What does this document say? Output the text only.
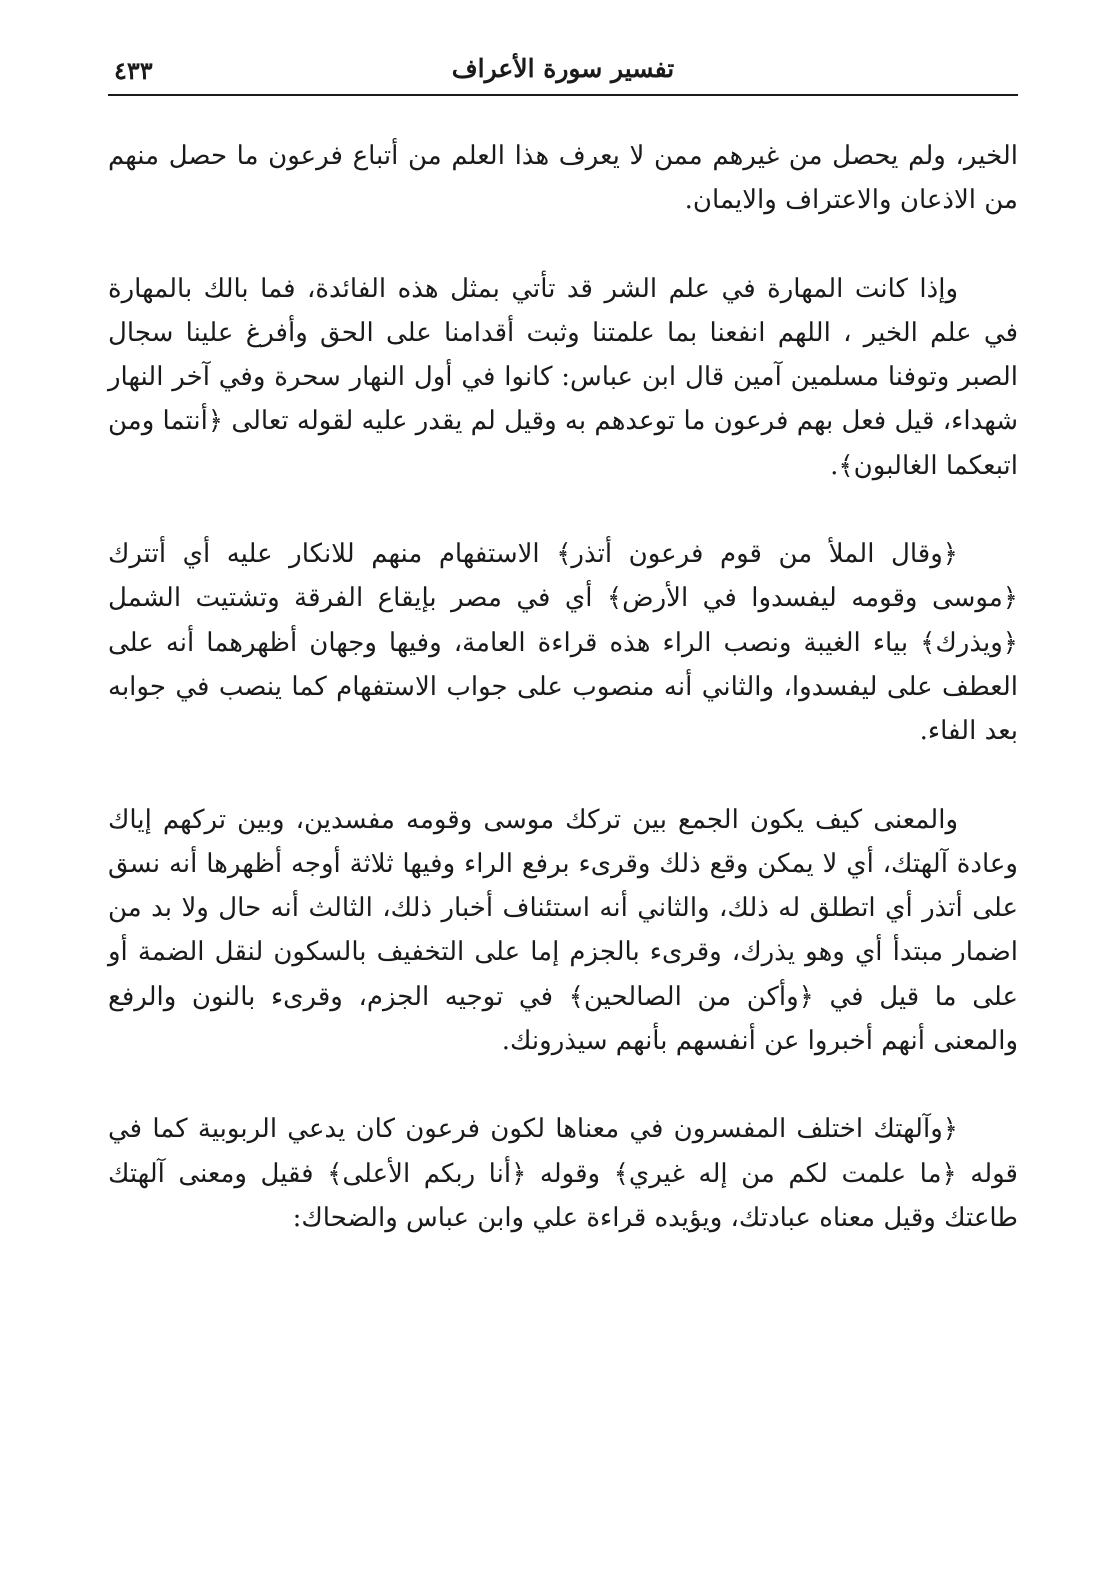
تفسير سورة الأعراف
٤٣٣

الخير، ولم يحصل من غيرهم ممن لا يعرف هذا العلم من أتباع فرعون ما حصل منهم من الاذعان والاعتراف والايمان.

وإذا كانت المهارة في علم الشر قد تأتي بمثل هذه الفائدة، فما بالك بالمهارة في علم الخير ، اللهم انفعنا بما علمتنا وثبت أقدامنا على الحق وأفرغ علينا سجال الصبر وتوفنا مسلمين آمين قال ابن عباس: كانوا في أول النهار سحرة وفي آخر النهار شهداء، قيل فعل بهم فرعون ما توعدهم به وقيل لم يقدر عليه لقوله تعالى ﴿أنتما ومن اتبعكما الغالبون﴾.

﴿وقال الملأ من قوم فرعون أتذر﴾ الاستفهام منهم للانكار عليه أي أتترك ﴿موسى وقومه ليفسدوا في الأرض﴾ أي في مصر بإيقاع الفرقة وتشتيت الشمل ﴿ويذرك﴾ بياء الغيبة ونصب الراء هذه قراءة العامة، وفيها وجهان أظهرهما أنه على العطف على ليفسدوا، والثاني أنه منصوب على جواب الاستفهام كما ينصب في جوابه بعد الفاء.

والمعنى كيف يكون الجمع بين تركك موسى وقومه مفسدين، وبين تركهم إياك وعادة آلهتك، أي لا يمكن وقع ذلك وقرىء برفع الراء وفيها ثلاثة أوجه أظهرها أنه نسق على أتذر أي اتطلق له ذلك، والثاني أنه استئناف أخبار ذلك، الثالث أنه حال ولا بد من اضمار مبتدأ أي وهو يذرك، وقرىء بالجزم إما على التخفيف بالسكون لنقل الضمة أو على ما قيل في ﴿وأكن من الصالحين﴾ في توجيه الجزم، وقرىء بالنون والرفع والمعنى أنهم أخبروا عن أنفسهم بأنهم سيذرونك.

﴿وآلهتك اختلف المفسرون في معناها لكون فرعون كان يدعي الربوبية كما في قوله ﴿ما علمت لكم من إله غيري﴾ وقوله ﴿أنا ربكم الأعلى﴾ فقيل ومعنى آلهتك طاعتك وقيل معناه عبادتك، ويؤيده قراءة علي وابن عباس والضحاك:
